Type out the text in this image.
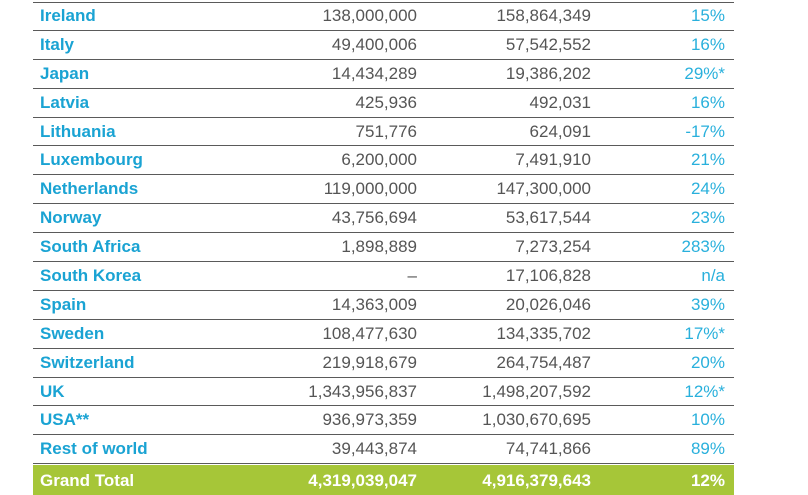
Ireland	138,000,000	158,864,349	15%
Italy	49,400,006	57,542,552	16%
Japan	14,434,289	19,386,202	29%*
Latvia	425,936	492,031	16%
Lithuania	751,776	624,091	-17%
Luxembourg	6,200,000	7,491,910	21%
Netherlands	119,000,000	147,300,000	24%
Norway	43,756,694	53,617,544	23%
South Africa	1,898,889	7,273,254	283%
South Korea	–	17,106,828	n/a
Spain	14,363,009	20,026,046	39%
Sweden	108,477,630	134,335,702	17%*
Switzerland	219,918,679	264,754,487	20%
UK	1,343,956,837	1,498,207,592	12%*
USA**	936,973,359	1,030,670,695	10%
Rest of world	39,443,874	74,741,866	89%
Grand Total	4,319,039,047	4,916,379,643	12%
